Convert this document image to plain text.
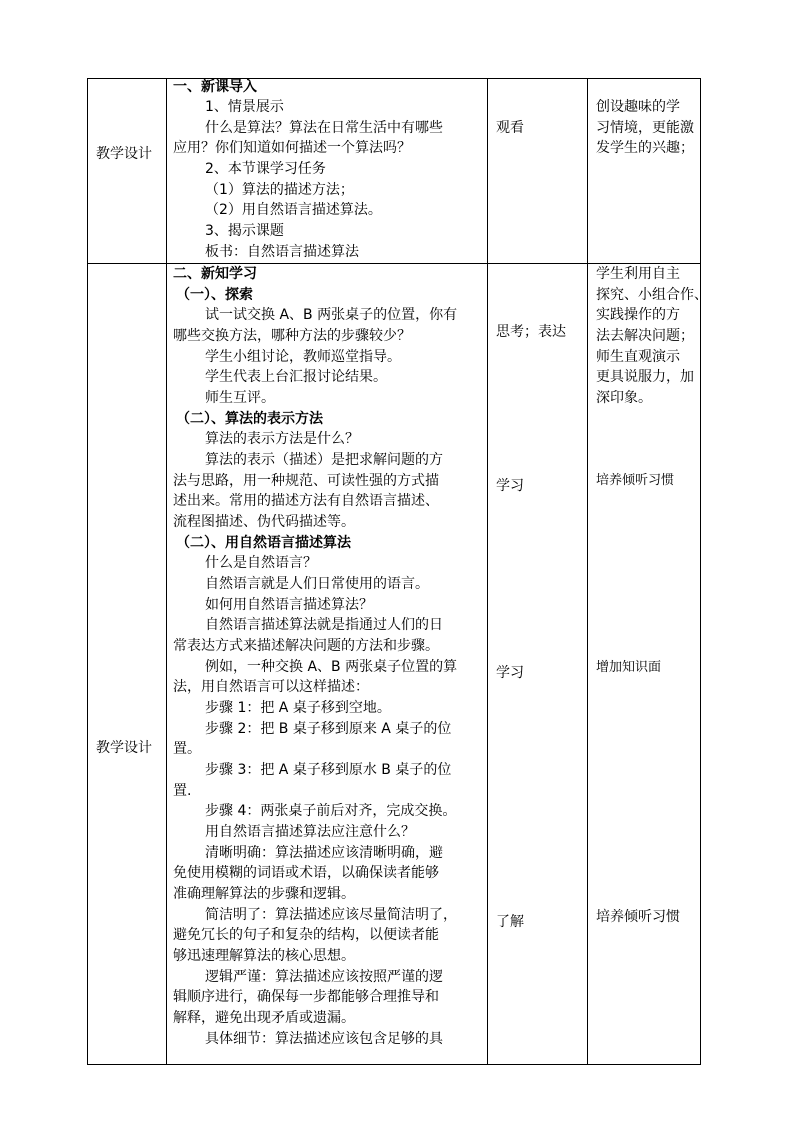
教学设计
一、新课导入
1、情景展示
什么是算法？算法在日常生活中有哪些
应用？你们知道如何描述一个算法吗？
2、本节课学习任务
（1）算法的描述方法；
（2）用自然语言描述算法。
3、揭示课题
板书：自然语言描述算法
观看
创设趣味的学
习情境，更能激
发学生的兴趣；
教学设计
二、新知学习
（一）、探索
试一试交换 A、B 两张桌子的位置，你有
哪些交换方法，哪种方法的步骤较少？
学生小组讨论，教师巡堂指导。
学生代表上台汇报讨论结果。
师生互评。
（二）、算法的表示方法
算法的表示方法是什么？
算法的表示（描述）是把求解问题的方
法与思路，用一种规范、可读性强的方式描
述出来。常用的描述方法有自然语言描述、
流程图描述、伪代码描述等。
（二）、用自然语言描述算法
什么是自然语言？
自然语言就是人们日常使用的语言。
如何用自然语言描述算法？
自然语言描述算法就是指通过人们的日
常表达方式来描述解决问题的方法和步骤。
例如，一种交换 A、B 两张桌子位置的算
法，用自然语言可以这样描述：
步骤 1：把 A 桌子移到空地。
步骤 2：把 B 桌子移到原来 A 桌子的位
置。
步骤 3：把 A 桌子移到原水 B 桌子的位
置.
步骤 4：两张桌子前后对齐，完成交换。
用自然语言描述算法应注意什么？
清晰明确：算法描述应该清晰明确，避
免使用模糊的词语或术语，以确保读者能够
准确理解算法的步骤和逻辑。
简洁明了：算法描述应该尽量简洁明了，
避免冗长的句子和复杂的结构，以便读者能
够迅速理解算法的核心思想。
逻辑严谨：算法描述应该按照严谨的逻
辑顺序进行，确保每一步都能够合理推导和
解释，避免出现矛盾或遗漏。
具体细节：算法描述应该包含足够的具
思考；表达
学习
学习
了解
学生利用自主
探究、小组合作、
实践操作的方
法去解决问题；
师生直观演示
更具说服力，加
深印象。
培养倾听习惯
增加知识面
培养倾听习惯
